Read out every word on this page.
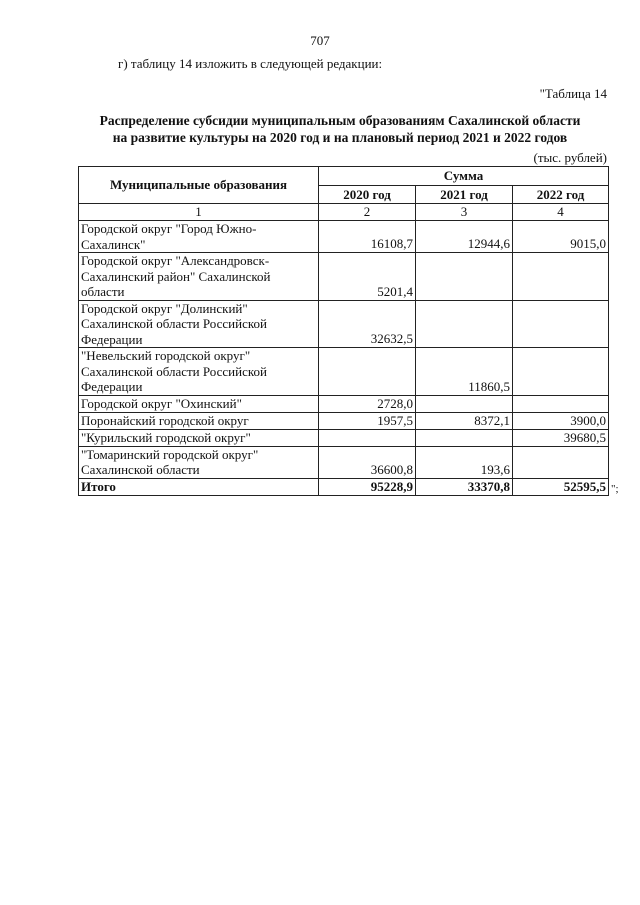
707
г) таблицу 14 изложить в следующей редакции:
"Таблица 14
Распределение субсидии муниципальным образованиям Сахалинской области
на развитие культуры на 2020 год и на плановый период 2021 и 2022 годов
(тыс. рублей)
Муниципальные образования	Сумма		
	2020 год	2021 год	2022 год
1	2	3	4
Городской округ "Город Южно-Сахалинск"	16108,7	12944,6	9015,0
Городской округ "Александровск-Сахалинский район" Сахалинской области	5201,4		
Городской округ "Долинский" Сахалинской области Российской Федерации	32632,5		
"Невельский городской округ" Сахалинской области Российской Федерации		11860,5	
Городской округ "Охинский"	2728,0		
Поронайский городской округ	1957,5	8372,1	3900,0
"Курильский городской округ"			39680,5
"Томаринский городской округ" Сахалинской области	36600,8	193,6	
Итого	95228,9	33370,8	52595,5 ";
